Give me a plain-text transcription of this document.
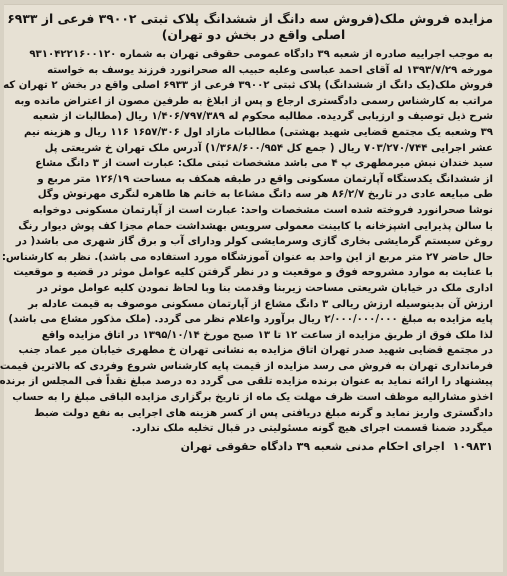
مزایده فروش ملک(فروش سه دانگ از ششدانگ پلاک ثبتی ۳۹۰۰۲ فرعی از ۶۹۳۳
اصلی واقع در بخش دو تهران)
به موجب اجراییه صادره از شعبه ۳۹ دادگاه عمومی حقوقی تهران به شماره ۹۳۱۰۴۲۲۱۶۰۰۱۲۰
مورخه ۱۳۹۳/۷/۲۹ له آقای احمد عباسی وعلیه حبیب اله صحرانورد فرزند یوسف به خواسته
فروش ملک(یک دانگ از ششدانگ) پلاک ثبتی ۳۹۰۰۲ فرعی از ۶۹۳۳ اصلی واقع در بخش ۲ تهران که
مراتب به کارشناس رسمی دادگستری ارجاع و پس از ابلاغ به طرفین مصون از اعتراض مانده وبه
شرح ذیل توصیف و ارزیابی گردیده. مطالبه محکوم له ۱/۴۰۶/۷۹۷/۳۸۹ ریال (مطالبات از شعبه
۳۹ وشعبه یک مجتمع قضایی شهید بهشتی) مطالبات مازاد اول ۱۶۵۷/۳۰۶ ۱۱۶ ریال و هزینه نیم
عشر اجرایی ۷۰۳/۲۷۰/۷۴۴ ریال ( جمع کل ۱/۳۶۸/۶۰۰/۹۵۴) آدرس ملک تهران خ شریعتی پل
سید خندان نبش میرمطهری پ ۴ می باشد مشخصات ثبتی ملک: عبارت است از ۳ دانگ مشاع
از ششدانگ یکدستگاه آپارتمان مسکونی واقع در طبقه همکف به مساحت ۱۲۶/۱۹ متر مربع و
طی مبایعه عادی در تاریخ ۸۶/۲/۷ هر سه دانگ مشاعا به خانم ها طاهره لنگری مهرنوش وگل
نوشا صحرانورد فروخته شده است مشخصات واحد: عبارت است از آپارتمان مسکونی دوخوابه
با سالن پذیرایی اشپزخانه با کابینت معمولی سرویس بهشداشت حمام مجزا کف پوش دیوار رنگ
روغن سیستم گرمایشی بخاری گازی وسرمایشی کولر ودارای آب و برق گاز شهری می باشد( در
حال حاضر ۲۷ متر مربع از این واحد به عنوان آموزشگاه مورد استفاده می باشد). نظر به کارشناس:
با عنایت به موارد مشروحه فوق و موقعیت و در نظر گرفتن کلیه عوامل موثر در قضیه و موقعیت
اداری ملک در خیابان شریعتی مساحت زیربنا وقدمت بنا وبا لحاظ نمودن کلیه عوامل موثر در
ارزش آن بدینوسیله ارزش ریالی ۳ دانگ مشاع از آپارتمان مسکونی موصوف به قیمت عادله بر
پایه مزایده به مبلغ ۲/۰۰۰/۰۰۰/۰۰۰ ریال برآورد واعلام نظر می گردد. (ملک مذکور مشاع می باشد)
لذا ملک فوق از طریق مزایده از ساعت ۱۲ تا ۱۳ صبح مورخ ۱۳۹۵/۱۰/۱۴ در اتاق مزایده واقع
در مجتمع قضایی شهید صدر تهران اتاق مزایده به نشانی تهران خ مطهری خیابان میر عماد جنب
فرمانداری تهران به فروش می رسد مزایده از قیمت پایه کارشناس شروع وفردی که بالاترین قیمت
پیشنهاد را ارائه نماید به عنوان برنده مزایده تلقی می گردد ده درصد مبلغ نقداً فی المجلس از برنده
اخذو مشارالیه موظف است ظرف مهلت یک ماه از تاریخ برگزاری مزایده الباقی مبلغ را به حساب
دادگستری واریز نماید و گرنه مبلغ دریافتی پس از کسر هزینه های اجرایی به نفع دولت ضبط
میگردد ضمنا قسمت اجرای هیچ گونه مسئولیتی در قبال تخلیه ملک ندارد.
۱۰۹۸۳۱اجرای احکام مدنی شعبه ۳۹ دادگاه حقوقی تهران
